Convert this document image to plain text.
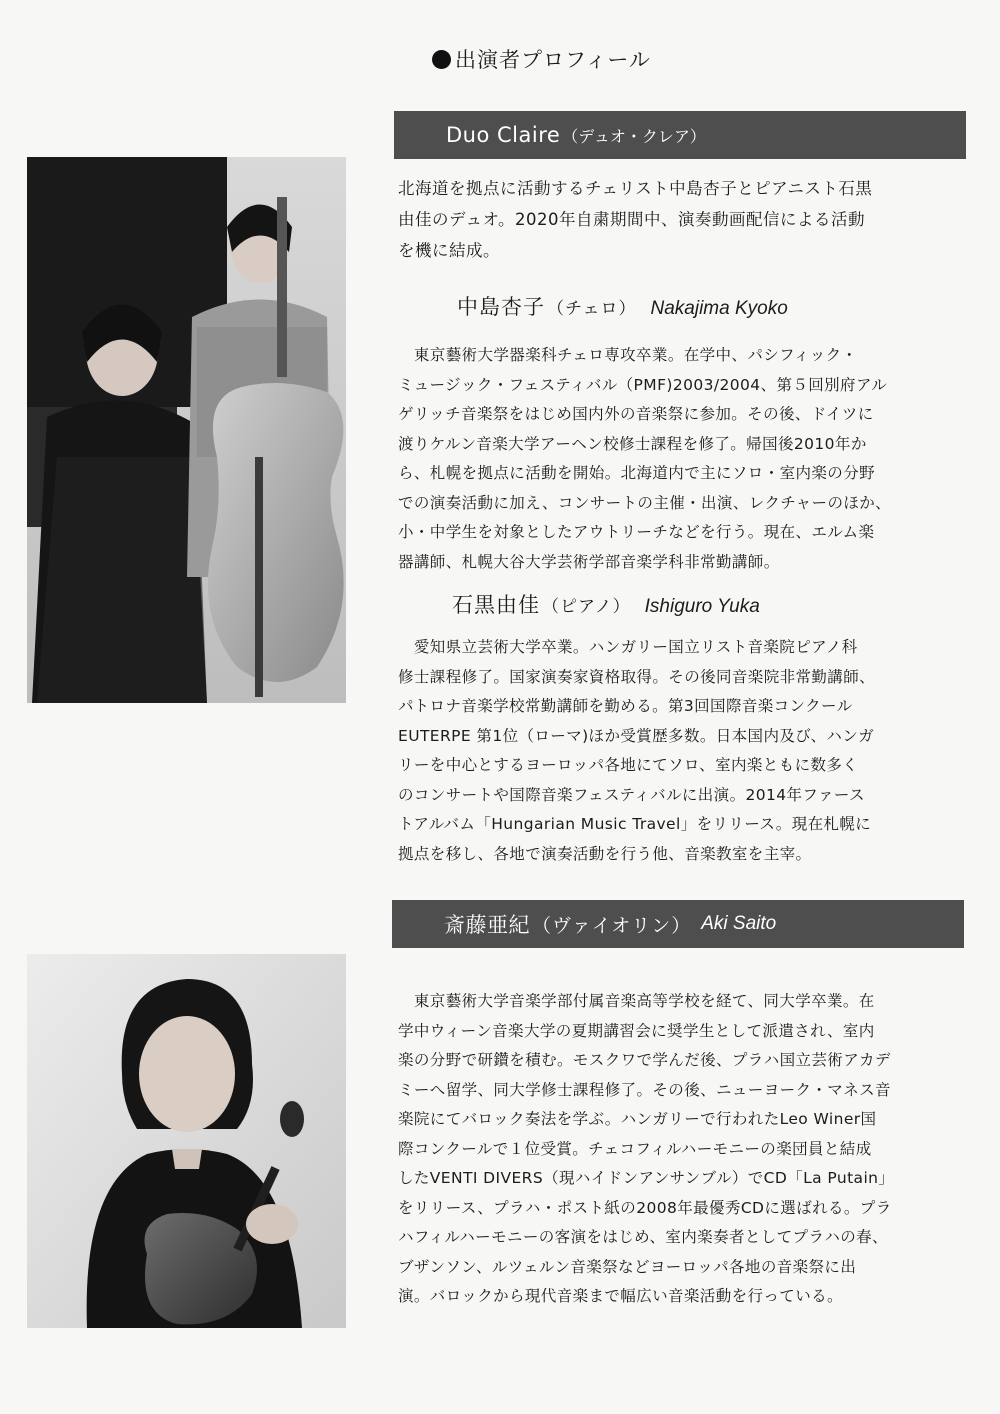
出演者プロフィール
Duo Claire （デュオ・クレア）

北海道を拠点に活動するチェリスト中島杏子とピアニスト石黒

由佳のデュオ。2020年自粛期間中、演奏動画配信による活動

を機に結成。

中島杏子 （チェロ） Nakajima Kyoko

　東京藝術大学器楽科チェロ専攻卒業。在学中、パシフィック・

ミュージック・フェスティバル（PMF)2003/2004、第５回別府アル

ゲリッチ音楽祭をはじめ国内外の音楽祭に参加。その後、ドイツに

渡りケルン音楽大学アーヘン校修士課程を修了。帰国後2010年か

ら、札幌を拠点に活動を開始。北海道内で主にソロ・室内楽の分野

での演奏活動に加え、コンサートの主催・出演、レクチャーのほか、

小・中学生を対象としたアウトリーチなどを行う。現在、エルム楽

器講師、札幌大谷大学芸術学部音楽学科非常勤講師。

石黒由佳 （ピアノ） Ishiguro Yuka

　愛知県立芸術大学卒業。ハンガリー国立リスト音楽院ピアノ科

修士課程修了。国家演奏家資格取得。その後同音楽院非常勤講師、

パトロナ音楽学校常勤講師を勤める。第3回国際音楽コンクール

EUTERPE 第1位（ローマ)ほか受賞歴多数。日本国内及び、ハンガ

リーを中心とするヨーロッパ各地にてソロ、室内楽ともに数多く

のコンサートや国際音楽フェスティバルに出演。2014年ファース

トアルバム「Hungarian Music Travel」をリリース。現在札幌に

拠点を移し、各地で演奏活動を行う他、音楽教室を主宰。

斎藤亜紀 （ヴァイオリン） Aki Saito

　東京藝術大学音楽学部付属音楽高等学校を経て、同大学卒業。在

学中ウィーン音楽大学の夏期講習会に奨学生として派遣され、室内

楽の分野で研鑽を積む。モスクワで学んだ後、プラハ国立芸術アカデ

ミーへ留学、同大学修士課程修了。その後、ニューヨーク・マネス音

楽院にてバロック奏法を学ぶ。ハンガリーで行われたLeo Winer国

際コンクールで１位受賞。チェコフィルハーモニーの楽団員と結成

したVENTI DIVERS（現ハイドンアンサンブル）でCD「La Putain」

をリリース、プラハ・ポスト紙の2008年最優秀CDに選ばれる。プラ

ハフィルハーモニーの客演をはじめ、室内楽奏者としてプラハの春、

ブザンソン、ルツェルン音楽祭などヨーロッパ各地の音楽祭に出

演。バロックから現代音楽まで幅広い音楽活動を行っている。
